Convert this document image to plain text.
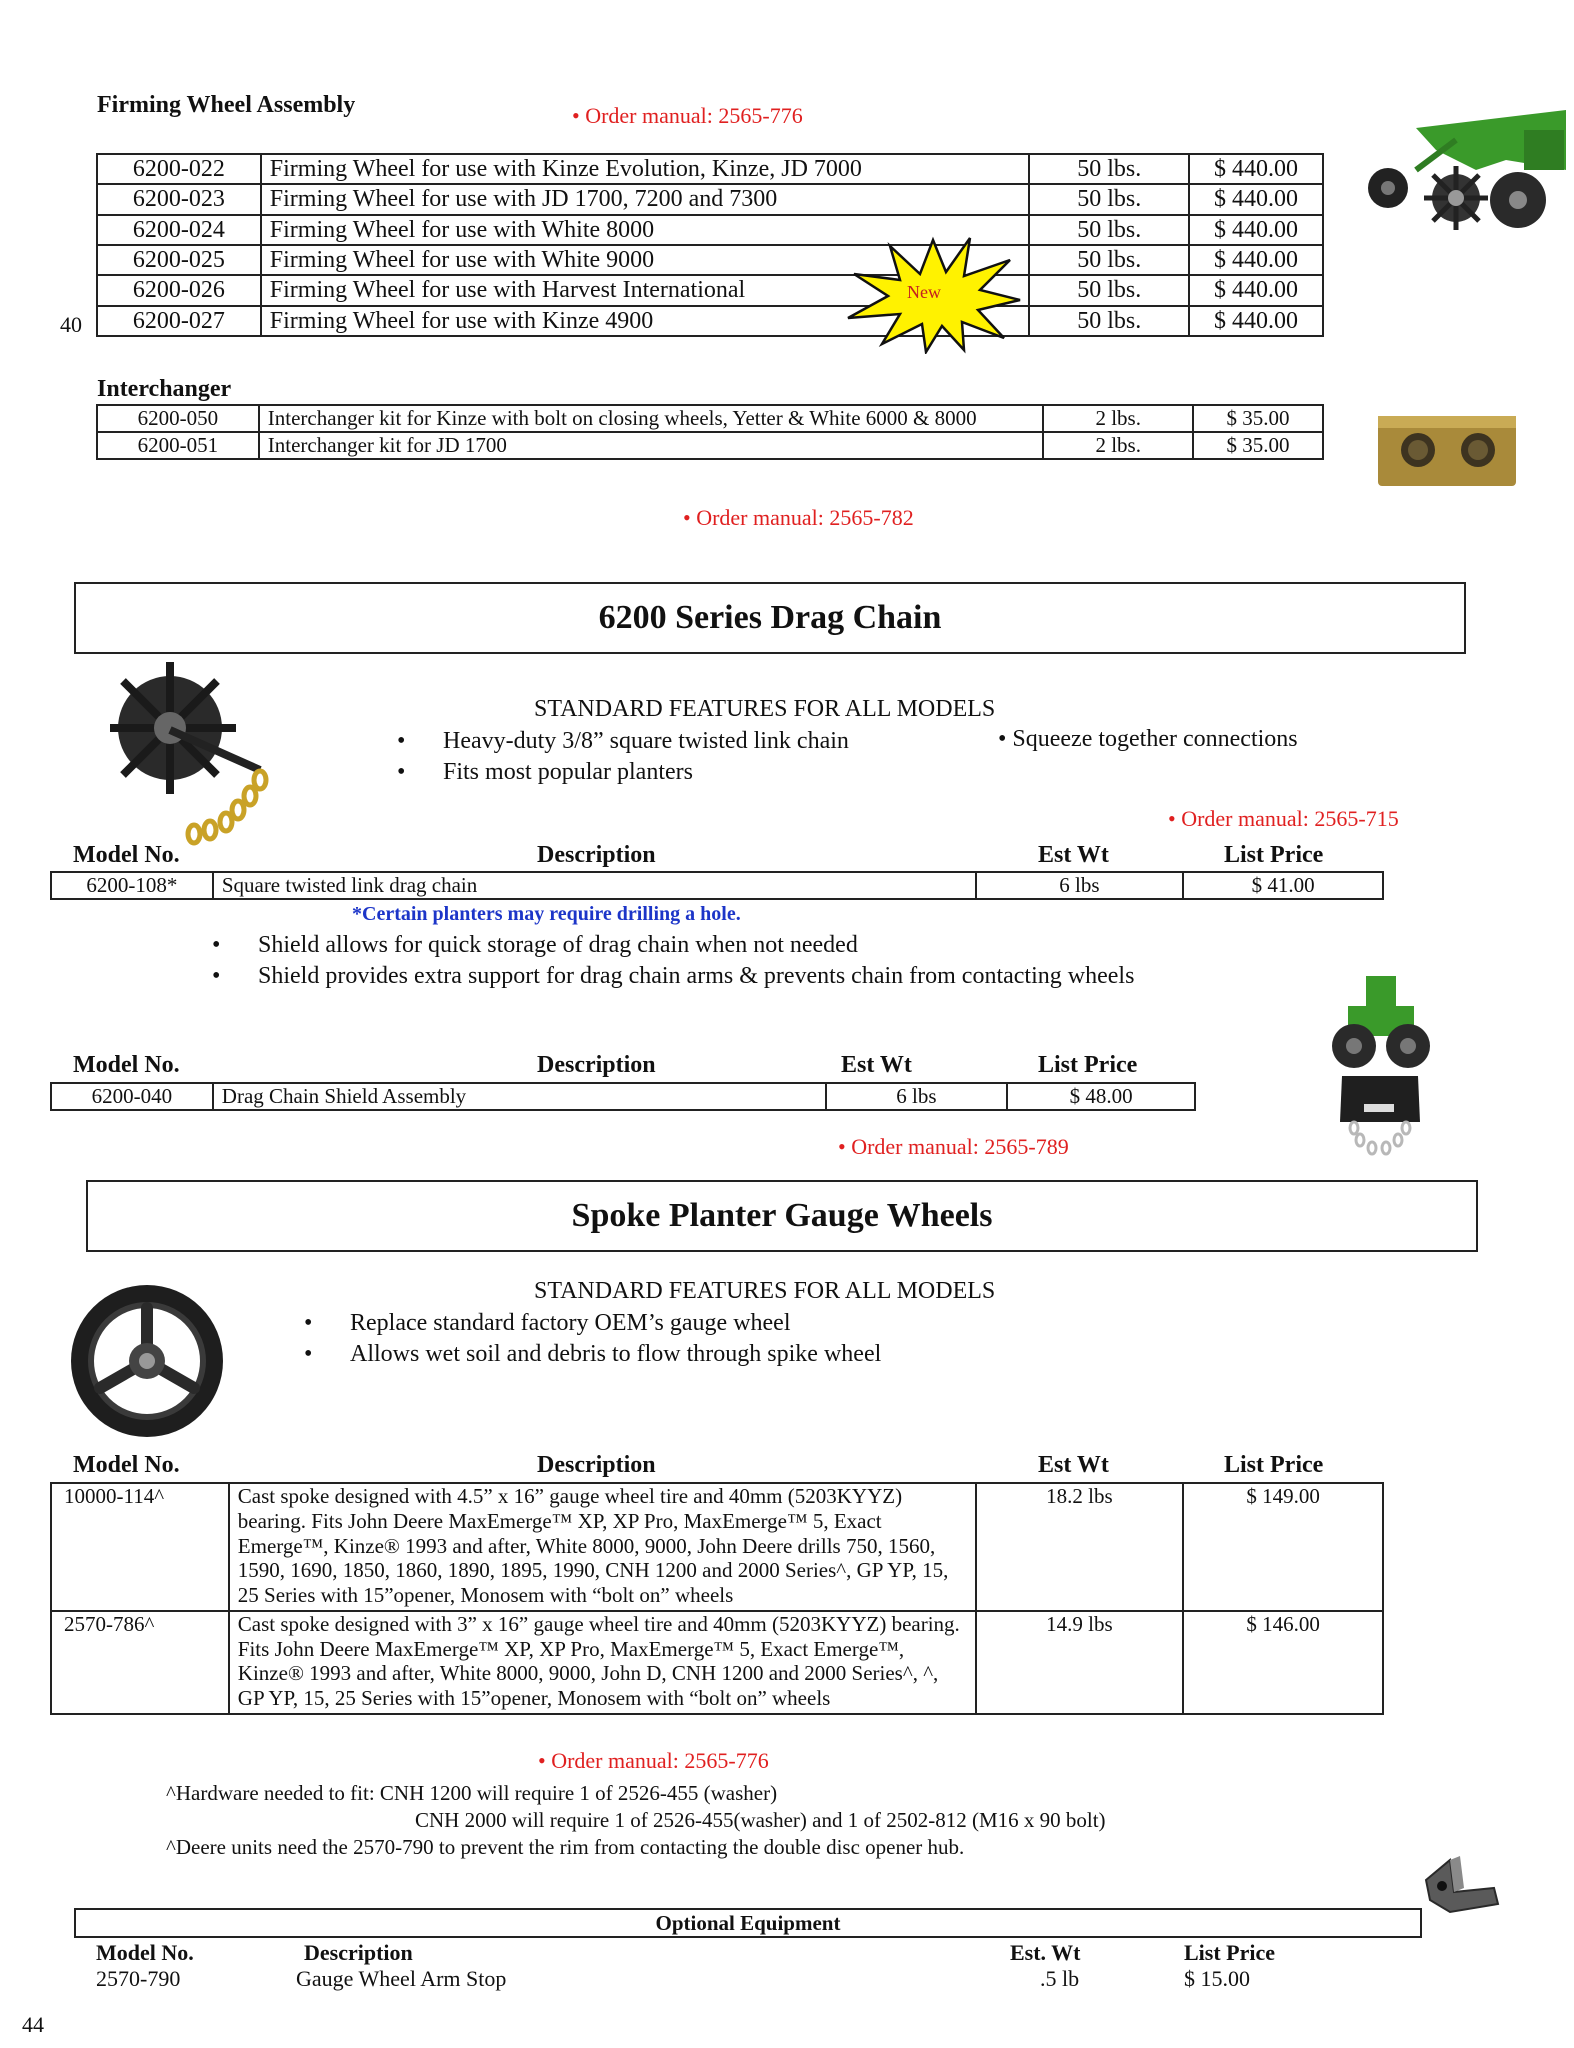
Firming Wheel Assembly	• Order manual: 2565-776
40
6200-022	Firming Wheel for use with Kinze Evolution, Kinze, JD 7000	50 lbs.	$ 440.00
6200-023	Firming Wheel for use with JD 1700, 7200 and 7300	50 lbs.	$ 440.00
6200-024	Firming Wheel for use with White 8000	50 lbs.	$ 440.00
6200-025	Firming Wheel for use with White 9000	50 lbs.	$ 440.00
6200-026	Firming Wheel for use with Harvest International	50 lbs.	$ 440.00
6200-027	Firming Wheel for use with Kinze 4900	50 lbs.	$ 440.00
New
Interchanger
6200-050	Interchanger kit for Kinze with bolt on closing wheels, Yetter & White 6000 & 8000	2 lbs.	$ 35.00
6200-051	Interchanger kit for JD 1700	2 lbs.	$ 35.00
• Order manual: 2565-782
6200 Series Drag Chain
STANDARD FEATURES FOR ALL MODELS
• Heavy-duty 3/8” square twisted link chain
• Fits most popular planters
• Squeeze together connections
• Order manual: 2565-715
Model No.	Description	Est Wt	List Price
6200-108*	Square twisted link drag chain	6 lbs	$ 41.00
*Certain planters may require drilling a hole.
• Shield allows for quick storage of drag chain when not needed
• Shield provides extra support for drag chain arms & prevents chain from contacting wheels
Model No.	Description	Est Wt	List Price
6200-040	Drag Chain Shield Assembly	6 lbs	$ 48.00
• Order manual: 2565-789
Spoke Planter Gauge Wheels
STANDARD FEATURES FOR ALL MODELS
• Replace standard factory OEM’s gauge wheel
• Allows wet soil and debris to flow through spike wheel
Model No.	Description	Est Wt	List Price
10000-114^	Cast spoke designed with 4.5” x 16” gauge wheel tire and 40mm (5203KYYZ) bearing. Fits John Deere MaxEmerge™ XP, XP Pro, MaxEmerge™ 5, Exact Emerge™, Kinze® 1993 and after, White 8000, 9000, John Deere drills 750, 1560, 1590, 1690, 1850, 1860, 1890, 1895, 1990, CNH 1200 and 2000 Series^, GP YP, 15, 25 Series with 15”opener, Monosem with “bolt on” wheels	18.2 lbs	$ 149.00
2570-786^	Cast spoke designed with 3” x 16” gauge wheel tire and 40mm (5203KYYZ) bearing. Fits John Deere MaxEmerge™ XP, XP Pro, MaxEmerge™ 5, Exact Emerge™, Kinze® 1993 and after, White 8000, 9000, John D, CNH 1200 and 2000 Series^, ^, GP YP, 15, 25 Series with 15”opener, Monosem with “bolt on” wheels	14.9 lbs	$ 146.00
• Order manual: 2565-776
^Hardware needed to fit: CNH 1200 will require 1 of 2526-455 (washer)
CNH 2000 will require 1 of 2526-455(washer) and 1 of 2502-812 (M16 x 90 bolt)
^Deere units need the 2570-790 to prevent the rim from contacting the double disc opener hub.
Optional Equipment
Model No.	Description	Est. Wt	List Price
2570-790	Gauge Wheel Arm Stop	.5 lb	$ 15.00
44
